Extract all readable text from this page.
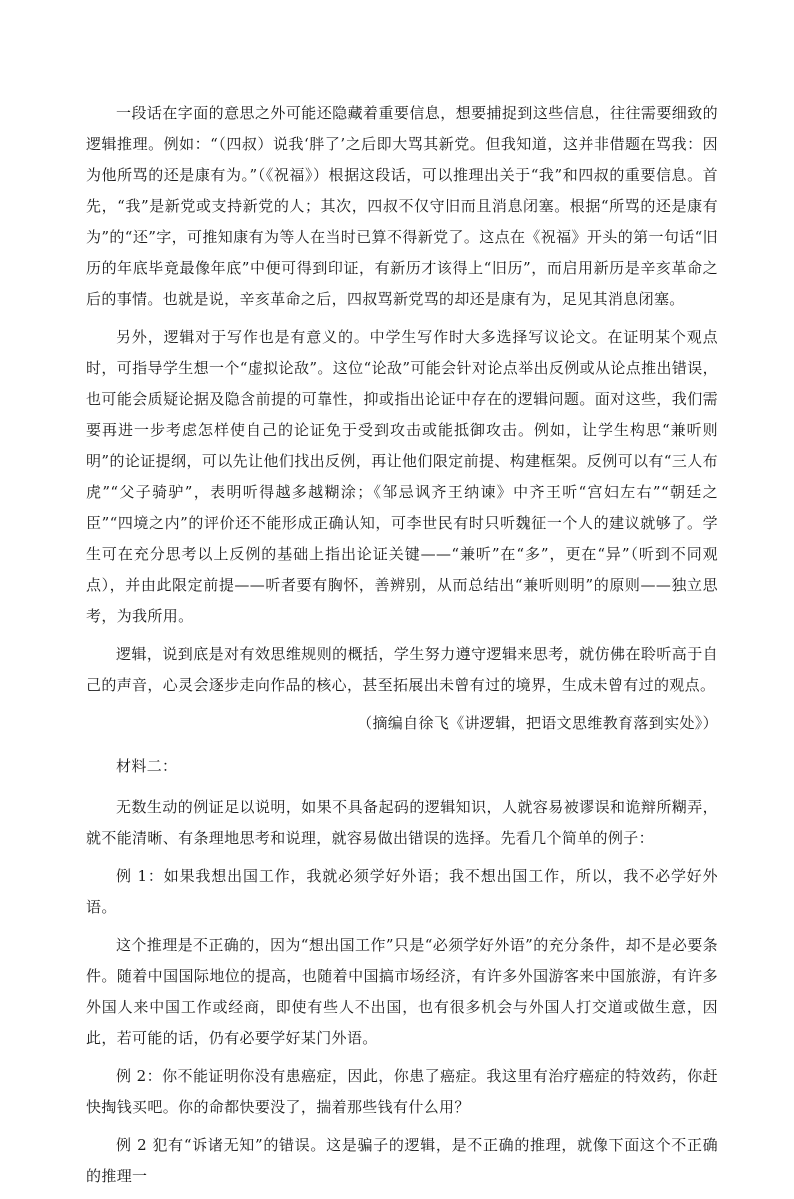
一段话在字面的意思之外可能还隐藏着重要信息，想要捕捉到这些信息，往往需要细致的逻辑推理。例如：“（四叔）说我‘胖了’之后即大骂其新党。但我知道，这并非借题在骂我：因为他所骂的还是康有为。”（《祝福》）根据这段话，可以推理出关于“我”和四叔的重要信息。首先，“我”是新党或支持新党的人；其次，四叔不仅守旧而且消息闭塞。根据“所骂的还是康有为”的“还”字，可推知康有为等人在当时已算不得新党了。这点在《祝福》开头的第一句话“旧历的年底毕竟最像年底”中便可得到印证，有新历才该得上“旧历”，而启用新历是辛亥革命之后的事情。也就是说，辛亥革命之后，四叔骂新党骂的却还是康有为，足见其消息闭塞。

另外，逻辑对于写作也是有意义的。中学生写作时大多选择写议论文。在证明某个观点时，可指导学生想一个“虚拟论敌”。这位“论敌”可能会针对论点举出反例或从论点推出错误，也可能会质疑论据及隐含前提的可靠性，抑或指出论证中存在的逻辑问题。面对这些，我们需要再进一步考虑怎样使自己的论证免于受到攻击或能抵御攻击。例如，让学生构思“兼听则明”的论证提纲，可以先让他们找出反例，再让他们限定前提、构建框架。反例可以有“三人布虎”“父子骑驴”，表明听得越多越糊涂；《邹忌讽齐王纳谏》中齐王听“宫妇左右”“朝廷之臣”“四境之内”的评价还不能形成正确认知，可李世民有时只听魏征一个人的建议就够了。学生可在充分思考以上反例的基础上指出论证关键——“兼听”在“多”，更在“异”（听到不同观点），并由此限定前提——听者要有胸怀，善辨别，从而总结出“兼听则明”的原则——独立思考，为我所用。

逻辑，说到底是对有效思维规则的概括，学生努力遵守逻辑来思考，就仿佛在聆听高于自己的声音，心灵会逐步走向作品的核心，甚至拓展出未曾有过的境界，生成未曾有过的观点。

（摘编自徐飞《讲逻辑，把语文思维教育落到实处》）

材料二：

无数生动的例证足以说明，如果不具备起码的逻辑知识，人就容易被谬误和诡辩所糊弄，就不能清晰、有条理地思考和说理，就容易做出错误的选择。先看几个简单的例子：

例 1：如果我想出国工作，我就必须学好外语；我不想出国工作，所以，我不必学好外语。

这个推理是不正确的，因为“想出国工作”只是“必须学好外语”的充分条件，却不是必要条件。随着中国国际地位的提高，也随着中国搞市场经济，有许多外国游客来中国旅游，有许多外国人来中国工作或经商，即使有些人不出国，也有很多机会与外国人打交道或做生意，因此，若可能的话，仍有必要学好某门外语。

例 2：你不能证明你没有患癌症，因此，你患了癌症。我这里有治疗癌症的特效药，你赶快掏钱买吧。你的命都快要没了，揣着那些钱有什么用？

例 2 犯有“诉诸无知”的错误。这是骗子的逻辑，是不正确的推理，就像下面这个不正确的推理一
